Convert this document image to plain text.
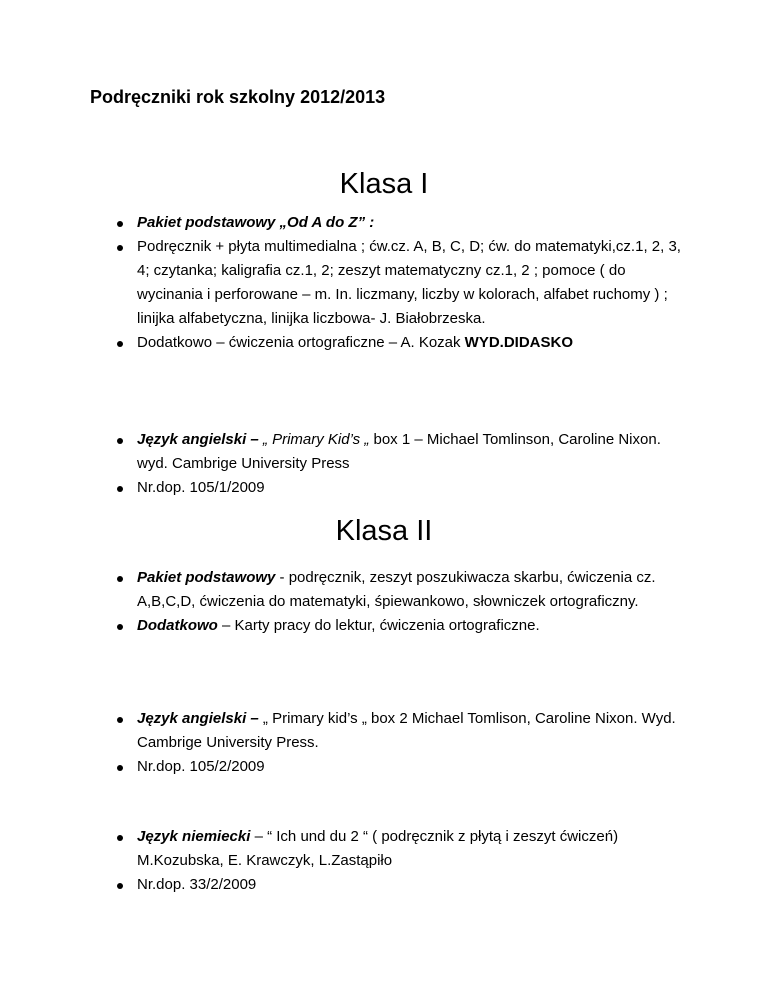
Podręczniki rok szkolny 2012/2013
Klasa I
Pakiet podstawowy „Od A do Z” :
Podręcznik + płyta multimedialna ; ćw.cz. A, B, C, D; ćw. do matematyki,cz.1, 2, 3, 4; czytanka; kaligrafia cz.1, 2; zeszyt matematyczny cz.1, 2 ; pomoce ( do wycinania i perforowane – m. In. liczmany, liczby w kolorach, alfabet ruchomy ) ; linijka alfabetyczna, linijka liczbowa- J. Białobrzeska.
Dodatkowo – ćwiczenia ortograficzne – A. Kozak WYD.DIDASKO
Język angielski – „ Primary Kid’s „ box 1 – Michael Tomlinson, Caroline Nixon. wyd. Cambrige University Press
Nr.dop. 105/1/2009
Klasa II
Pakiet podstawowy - podręcznik, zeszyt poszukiwacza skarbu, ćwiczenia cz. A,B,C,D, ćwiczenia do matematyki, śpiewankowo, słowniczek ortograficzny.
Dodatkowo – Karty pracy do lektur, ćwiczenia ortograficzne.
Język angielski – „ Primary kid’s „ box 2 Michael Tomlison, Caroline Nixon. Wyd. Cambrige University Press.
Nr.dop. 105/2/2009
Język niemiecki – “ Ich und du 2 “ ( podręcznik z płytą i zeszyt ćwiczeń) M.Kozubska, E. Krawczyk, L.Zastąpiło
Nr.dop. 33/2/2009
